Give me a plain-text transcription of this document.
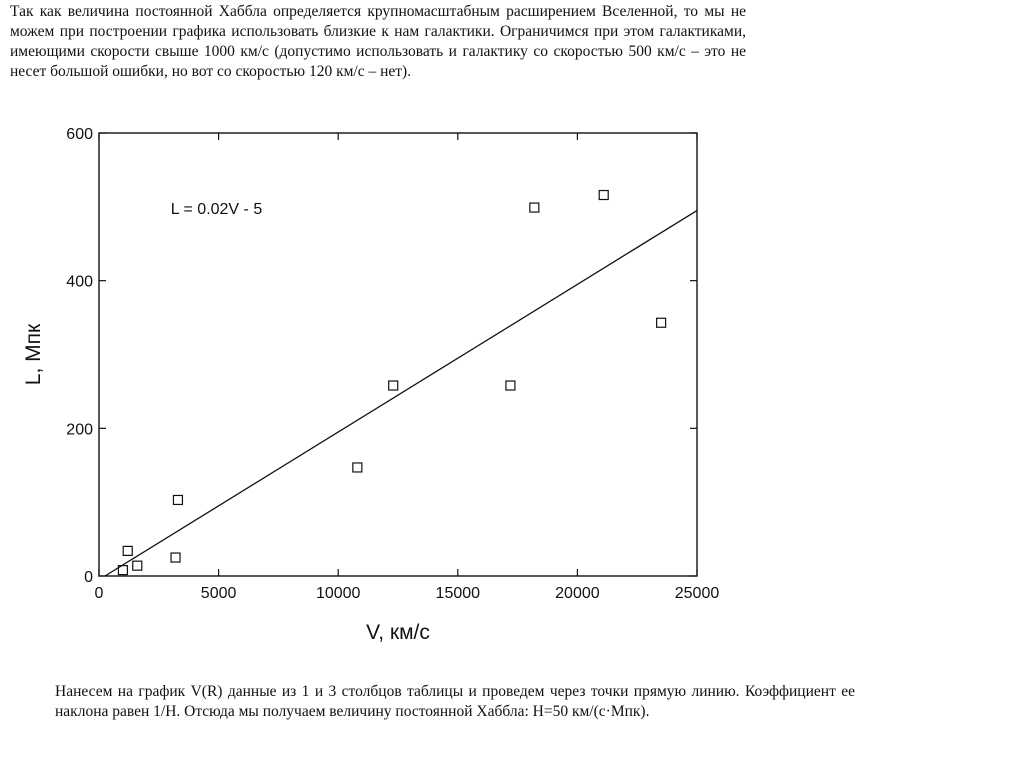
Так как величина постоянной Хаббла определяется крупномасштабным расширением Вселенной, то мы не можем при построении графика использовать близкие к нам галактики. Ограничимся при этом галактиками, имеющими скорости свыше 1000 км/с (допустимо использовать и галактику со скоростью 500 км/с – это не несет большой ошибки, но вот со скоростью 120 км/с – нет).

0	5000	10000	15000	20000	25000
0
200
400
600
L = 0.02V - 5
V, км/с
L, Мпк

Нанесем на график V(R) данные из 1 и 3 столбцов таблицы и проведем через точки прямую линию. Коэффициент ее наклона равен 1/H. Отсюда мы получаем величину постоянной Хаббла: H=50 км/(с·Мпк).
